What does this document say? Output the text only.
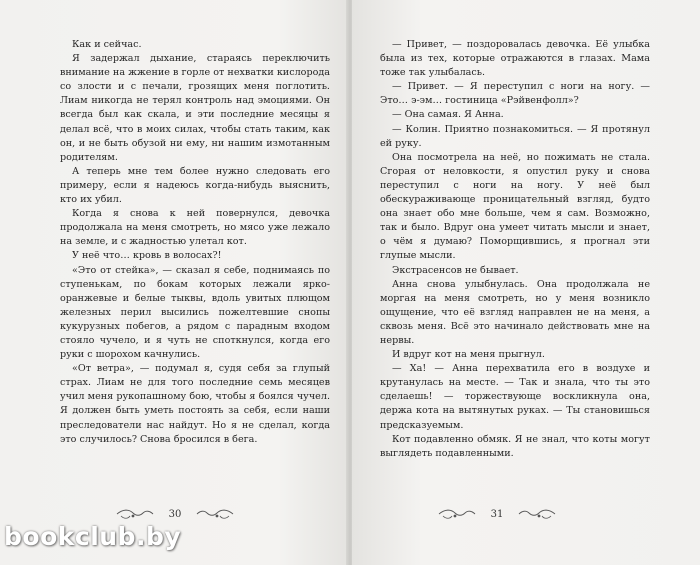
Как и сейчас.

Я задержал дыхание, стараясь переключить внимание на жжение в горле от нехватки кислорода со злости и с печали, грозящих меня поглотить. Лиам никогда не терял контроль над эмоциями. Он всегда был как скала, и эти последние месяцы я делал всё, что в моих силах, чтобы стать таким, как он, и не быть обузой ни ему, ни нашим измотанным родителям.

А теперь мне тем более нужно следовать его примеру, если я надеюсь когда-нибудь выяснить, кто их убил.

Когда я снова к ней повернулся, девочка продолжала на меня смотреть, но мясо уже лежало на земле, и с жадностью улетал кот.

У неё что… кровь в волосах?!

«Это от стейка», — сказал я себе, поднимаясь по ступенькам, по бокам которых лежали ярко-оранжевые и белые тыквы, вдоль увитых плющом железных перил высились пожелтевшие снопы кукурузных побегов, а рядом с парадным входом стояло чучело, и я чуть не споткнулся, когда его руки с шорохом качнулись.

«От ветра», — подумал я, судя себя за глупый страх. Лиам не для того последние семь месяцев учил меня рукопашному бою, чтобы я боялся чучел. Я должен быть уметь постоять за себя, если наши преследователи нас найдут. Но я не сделал, когда это случилось? Снова бросился в бега.

30

— Привет, — поздоровалась девочка. Её улыбка была из тех, которые отражаются в глазах. Мама тоже так улыбалась.

— Привет. — Я переступил с ноги на ногу. — Это… э-эм… гостиница «Рэйвенфолл»?

— Она самая. Я Анна.

— Колин. Приятно познакомиться. — Я протянул ей руку.

Она посмотрела на неё, но пожимать не стала. Сгорая от неловкости, я опустил руку и снова переступил с ноги на ногу. У неё был обескураживающе проницательный взгляд, будто она знает обо мне больше, чем я сам. Возможно, так и было. Вдруг она умеет читать мысли и знает, о чём я думаю? Поморщившись, я прогнал эти глупые мысли.

Экстрасенсов не бывает.

Анна снова улыбнулась. Она продолжала не моргая на меня смотреть, но у меня возникло ощущение, что её взгляд направлен не на меня, а сквозь меня. Всё это начинало действовать мне на нервы.

И вдруг кот на меня прыгнул.

— Ха! — Анна перехватила его в воздухе и крутанулась на месте. — Так и знала, что ты это сделаешь! — торжествующе воскликнула она, держа кота на вытянутых руках. — Ты становишься предсказуемым.

Кот подавленно обмяк. Я не знал, что коты могут выглядеть подавленными.

31
bookclub.by
